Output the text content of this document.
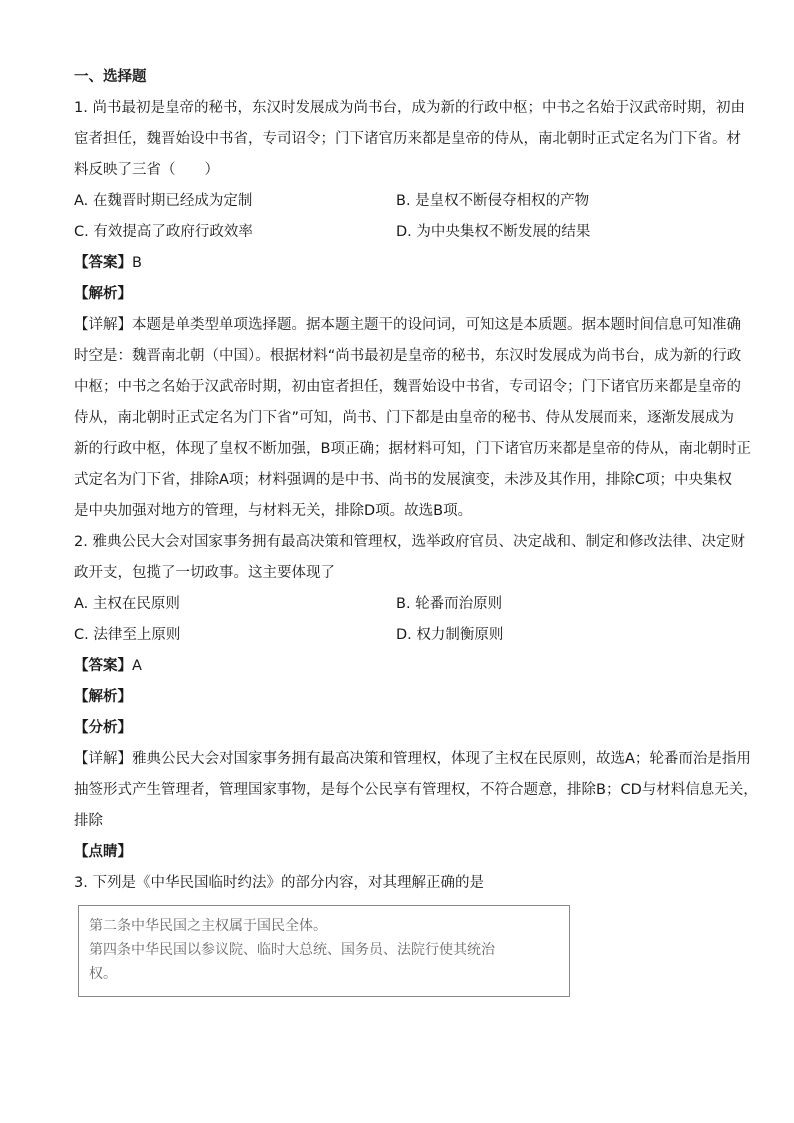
一、选择题
1. 尚书最初是皇帝的秘书，东汉时发展成为尚书台，成为新的行政中枢；中书之名始于汉武帝时期，初由
宦者担任，魏晋始设中书省，专司诏令；门下诸官历来都是皇帝的侍从，南北朝时正式定名为门下省。材
料反映了三省（　　）
A. 在魏晋时期已经成为定制	B. 是皇权不断侵夺相权的产物
C. 有效提高了政府行政效率	D. 为中央集权不断发展的结果
【答案】B
【解析】
【详解】本题是单类型单项选择题。据本题主题干的设问词，可知这是本质题。据本题时间信息可知准确
时空是：魏晋南北朝（中国）。根据材料“尚书最初是皇帝的秘书，东汉时发展成为尚书台，成为新的行政
中枢；中书之名始于汉武帝时期，初由宦者担任，魏晋始设中书省，专司诏令；门下诸官历来都是皇帝的
侍从，南北朝时正式定名为门下省”可知，尚书、门下都是由皇帝的秘书、侍从发展而来，逐渐发展成为
新的行政中枢，体现了皇权不断加强，B项正确；据材料可知，门下诸官历来都是皇帝的侍从，南北朝时正
式定名为门下省，排除A项；材料强调的是中书、尚书的发展演变，未涉及其作用，排除C项；中央集权
是中央加强对地方的管理，与材料无关，排除D项。故选B项。
2. 雅典公民大会对国家事务拥有最高决策和管理权，选举政府官员、决定战和、制定和修改法律、决定财
政开支，包揽了一切政事。这主要体现了
A. 主权在民原则	B. 轮番而治原则
C. 法律至上原则	D. 权力制衡原则
【答案】A
【解析】
【分析】
【详解】雅典公民大会对国家事务拥有最高决策和管理权，体现了主权在民原则，故选A；轮番而治是指用
抽签形式产生管理者，管理国家事物，是每个公民享有管理权，不符合题意，排除B；CD与材料信息无关，
排除
【点睛】
3. 下列是《中华民国临时约法》的部分内容，对其理解正确的是
第二条中华民国之主权属于国民全体。
第四条中华民国以参议院、临时大总统、国务员、法院行使其统治
权。
